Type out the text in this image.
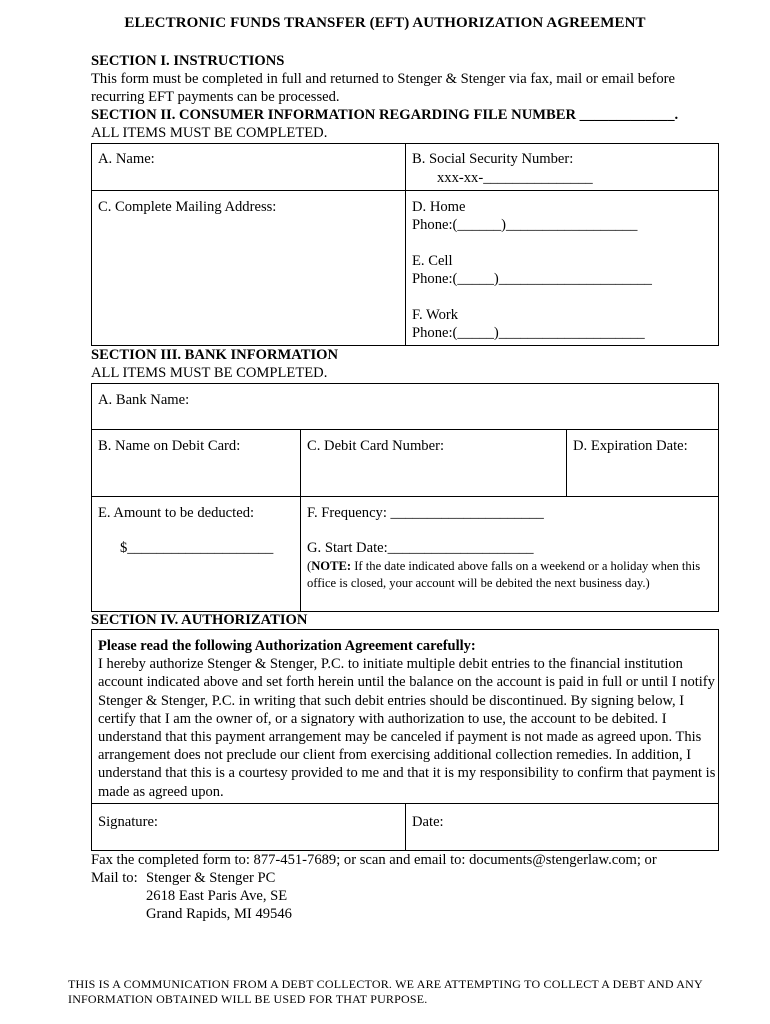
ELECTRONIC FUNDS TRANSFER (EFT) AUTHORIZATION AGREEMENT
SECTION I. INSTRUCTIONS
This form must be completed in full and returned to Stenger & Stenger via fax, mail or email before
recurring EFT payments can be processed.
SECTION II. CONSUMER INFORMATION REGARDING FILE NUMBER _____________.
ALL ITEMS MUST BE COMPLETED.
A. Name:	B. Social Security Number:
xxx-xx-_______________
C. Complete Mailing Address:	D. Home
Phone:(______)__________________
E. Cell
Phone:(_____)_____________________
F. Work
Phone:(_____)____________________
SECTION III. BANK INFORMATION
ALL ITEMS MUST BE COMPLETED.
A. Bank Name:
B. Name on Debit Card:	C. Debit Card Number:	D. Expiration Date:
E. Amount to be deducted:
$____________________
F. Frequency: _____________________
G. Start Date:____________________
(NOTE: If the date indicated above falls on a weekend or a holiday when this office is closed, your account will be debited the next business day.)
SECTION IV. AUTHORIZATION
Please read the following Authorization Agreement carefully:
I hereby authorize Stenger & Stenger, P.C. to initiate multiple debit entries to the financial institution account indicated above and set forth herein until the balance on the account is paid in full or until I notify Stenger & Stenger, P.C. in writing that such debit entries should be discontinued. By signing below, I certify that I am the owner of, or a signatory with authorization to use, the account to be debited. I understand that this payment arrangement may be canceled if payment is not made as agreed upon. This arrangement does not preclude our client from exercising additional collection remedies. In addition, I understand that this is a courtesy provided to me and that it is my responsibility to confirm that payment is made as agreed upon.
Signature:	Date:
Fax the completed form to: 877-451-7689; or scan and email to: documents@stengerlaw.com; or
Mail to: Stenger & Stenger PC
2618 East Paris Ave, SE
Grand Rapids, MI 49546
THIS IS A COMMUNICATION FROM A DEBT COLLECTOR. WE ARE ATTEMPTING TO COLLECT A DEBT AND ANY INFORMATION OBTAINED WILL BE USED FOR THAT PURPOSE.
